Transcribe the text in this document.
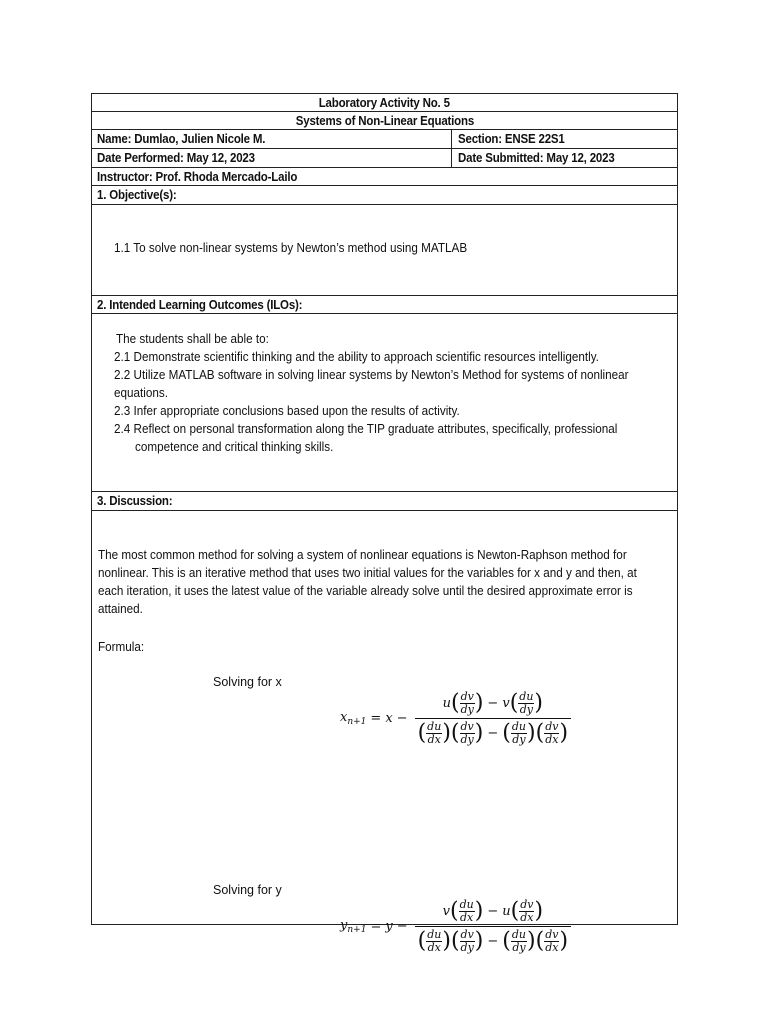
Laboratory Activity No. 5
Systems of Non-Linear Equations
Name: Dumlao, Julien Nicole M.	Section: ENSE 22S1
Date Performed: May 12, 2023	Date Submitted: May 12, 2023
Instructor: Prof. Rhoda Mercado-Lailo
1. Objective(s):
1.1 To solve non-linear systems by Newton’s method using MATLAB
2. Intended Learning Outcomes (ILOs):
The students shall be able to:
2.1 Demonstrate scientific thinking and the ability to approach scientific resources intelligently.
2.2 Utilize MATLAB software in solving linear systems by Newton’s Method for systems of nonlinear
equations.
2.3 Infer appropriate conclusions based upon the results of activity.
2.4 Reflect on personal transformation along the TIP graduate attributes, specifically, professional
competence and critical thinking skills.
3. Discussion:
The most common method for solving a system of nonlinear equations is Newton-Raphson method for
nonlinear. This is an iterative method that uses two initial values for the variables for x and y and then, at
each iteration, it uses the latest value of the variable already solve until the desired approximate error is
attained.
Formula:
Solving for x
$x_{n+1} = x - \frac{u( \frac{dv}{dy} ) - v( \frac{du}{dy} )}{( \frac{du}{dx} )( \frac{dv}{dy} ) - ( \frac{du}{dy} )( \frac{dv}{dx} )}$
Solving for y
$y_{n+1} = y - \frac{v( \frac{du}{dx} ) - u( \frac{dv}{dx} )}{( \frac{du}{dx} )( \frac{dv}{dy} ) - ( \frac{du}{dy} )( \frac{dv}{dx} )}$
